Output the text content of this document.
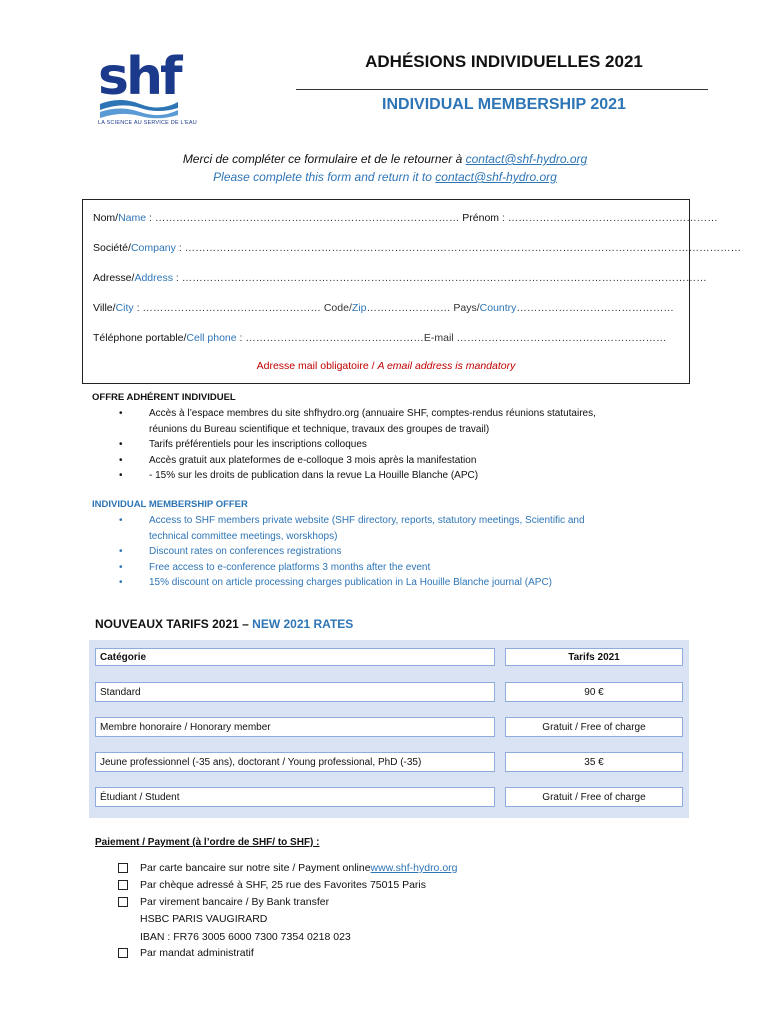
shf
LA SCIENCE AU SERVICE DE L'EAU
ADHÉSIONS INDIVIDUELLES 2021
INDIVIDUAL MEMBERSHIP 2021
Merci de compléter ce formulaire et de le retourner à contact@shf-hydro.org
Please complete this form and return it to contact@shf-hydro.org
Nom/Name : …………………………………………………………………………… Prénom : ……………………………………………………
Société/Company : ……………………………………………………………………………………………………………………………………………
Adresse/Address : ……………………………………………………………………………………………………………………………………
Ville/City : …………………………………………… Code/Zip…………………… Pays/Country………………………………………
Téléphone portable/Cell phone : ……………………………………………E-mail ……………………………………………………
Adresse mail obligatoire / A email address is mandatory
OFFRE ADHÉRENT INDIVIDUEL
•	Accès à l’espace membres du site shfhydro.org (annuaire SHF, comptes-rendus réunions statutaires,
réunions du Bureau scientifique et technique, travaux des groupes de travail)
•	Tarifs préférentiels pour les inscriptions colloques
•	Accès gratuit aux plateformes de e-colloque 3 mois après la manifestation
•	- 15% sur les droits de publication dans la revue La Houille Blanche (APC)
INDIVIDUAL MEMBERSHIP OFFER
•	Access to SHF members private website (SHF directory, reports, statutory meetings, Scientific and
technical committee meetings, worskhops)
•	Discount rates on conferences registrations
•	Free access to e-conference platforms 3 months after the event
•	15% discount on article processing charges publication in La Houille Blanche journal (APC)
NOUVEAUX TARIFS 2021 – NEW 2021 RATES
Catégorie	Tarifs 2021
Standard	90 €
Membre honoraire / Honorary member	Gratuit / Free of charge
Jeune professionnel (-35 ans), doctorant / Young professional, PhD (-35)	35 €
Étudiant / Student	Gratuit / Free of charge
Paiement / Payment (à l’ordre de SHF/ to SHF) :
Par carte bancaire sur notre site / Payment online www.shf-hydro.org
Par chèque adressé à SHF, 25 rue des Favorites 75015 Paris
Par virement bancaire / By Bank transfer
HSBC PARIS VAUGIRARD
IBAN : FR76 3005 6000 7300 7354 0218 023
Par mandat administratif
